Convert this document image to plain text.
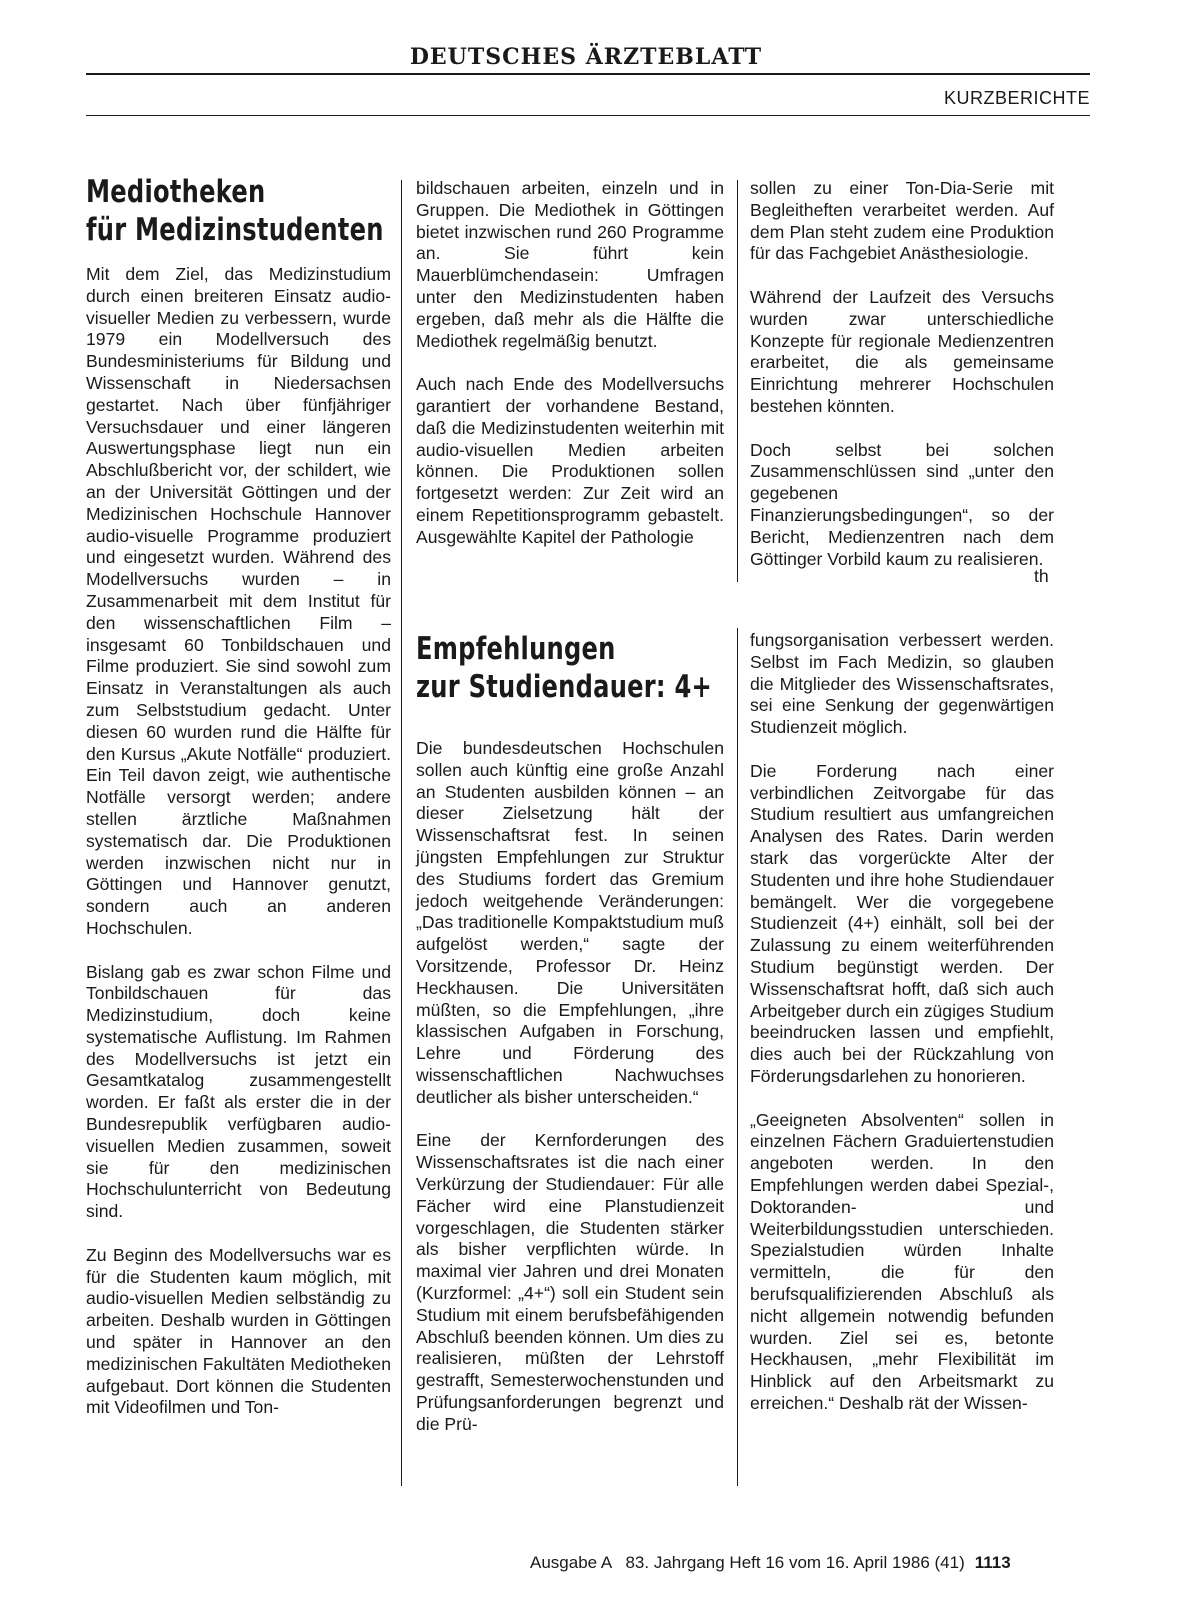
DEUTSCHES ÄRZTEBLATT
KURZBERICHTE
Mediotheken
für Medizinstudenten

Mit dem Ziel, das Medizinstudium durch einen breiteren Einsatz audio-visueller Medien zu verbessern, wurde 1979 ein Modellversuch des Bundesministeriums für Bildung und Wissenschaft in Niedersachsen gestartet. Nach über fünfjähriger Versuchsdauer und einer längeren Auswertungsphase liegt nun ein Abschlußbericht vor, der schildert, wie an der Universität Göttingen und der Medizinischen Hochschule Hannover audio-visuelle Programme produziert und eingesetzt wurden. Während des Modellversuchs wurden – in Zusammenarbeit mit dem Institut für den wissenschaftlichen Film – insgesamt 60 Tonbildschauen und Filme produziert. Sie sind sowohl zum Einsatz in Veranstaltungen als auch zum Selbststudium gedacht. Unter diesen 60 wurden rund die Hälfte für den Kursus „Akute Notfälle“ produziert. Ein Teil davon zeigt, wie authentische Notfälle versorgt werden; andere stellen ärztliche Maßnahmen systematisch dar. Die Produktionen werden inzwischen nicht nur in Göttingen und Hannover genutzt, sondern auch an anderen Hochschulen.

Bislang gab es zwar schon Filme und Tonbildschauen für das Medizinstudium, doch keine systematische Auflistung. Im Rahmen des Modellversuchs ist jetzt ein Gesamtkatalog zusammengestellt worden. Er faßt als erster die in der Bundesrepublik verfügbaren audio-visuellen Medien zusammen, soweit sie für den medizinischen Hochschulunterricht von Bedeutung sind.

Zu Beginn des Modellversuchs war es für die Studenten kaum möglich, mit audio-visuellen Medien selbständig zu arbeiten. Deshalb wurden in Göttingen und später in Hannover an den medizinischen Fakultäten Mediotheken aufgebaut. Dort können die Studenten mit Videofilmen und Ton-

bildschauen arbeiten, einzeln und in Gruppen. Die Mediothek in Göttingen bietet inzwischen rund 260 Programme an. Sie führt kein Mauerblümchendasein: Umfragen unter den Medizinstudenten haben ergeben, daß mehr als die Hälfte die Mediothek regelmäßig benutzt.

Auch nach Ende des Modellversuchs garantiert der vorhandene Bestand, daß die Medizinstudenten weiterhin mit audio-visuellen Medien arbeiten können. Die Produktionen sollen fortgesetzt werden: Zur Zeit wird an einem Repetitionsprogramm gebastelt. Ausgewählte Kapitel der Pathologie

sollen zu einer Ton-Dia-Serie mit Begleitheften verarbeitet werden. Auf dem Plan steht zudem eine Produktion für das Fachgebiet Anästhesiologie.

Während der Laufzeit des Versuchs wurden zwar unterschiedliche Konzepte für regionale Medienzentren erarbeitet, die als gemeinsame Einrichtung mehrerer Hochschulen bestehen könnten.

Doch selbst bei solchen Zusammenschlüssen sind „unter den gegebenen Finanzierungsbedingungen“, so der Bericht, Medienzentren nach dem Göttinger Vorbild kaum zu realisieren.

th
Empfehlungen
zur Studiendauer: 4+

Die bundesdeutschen Hochschulen sollen auch künftig eine große Anzahl an Studenten ausbilden können – an dieser Zielsetzung hält der Wissenschaftsrat fest. In seinen jüngsten Empfehlungen zur Struktur des Studiums fordert das Gremium jedoch weitgehende Veränderungen: „Das traditionelle Kompaktstudium muß aufgelöst werden,“ sagte der Vorsitzende, Professor Dr. Heinz Heckhausen. Die Universitäten müßten, so die Empfehlungen, „ihre klassischen Aufgaben in Forschung, Lehre und Förderung des wissenschaftlichen Nachwuchses deutlicher als bisher unterscheiden.“

Eine der Kernforderungen des Wissenschaftsrates ist die nach einer Verkürzung der Studiendauer: Für alle Fächer wird eine Planstudienzeit vorgeschlagen, die Studenten stärker als bisher verpflichten würde. In maximal vier Jahren und drei Monaten (Kurzformel: „4+“) soll ein Student sein Studium mit einem berufsbefähigenden Abschluß beenden können. Um dies zu realisieren, müßten der Lehrstoff gestrafft, Semesterwochenstunden und Prüfungsanforderungen begrenzt und die Prü-

fungsorganisation verbessert werden. Selbst im Fach Medizin, so glauben die Mitglieder des Wissenschaftsrates, sei eine Senkung der gegenwärtigen Studienzeit möglich.

Die Forderung nach einer verbindlichen Zeitvorgabe für das Studium resultiert aus umfangreichen Analysen des Rates. Darin werden stark das vorgerückte Alter der Studenten und ihre hohe Studiendauer bemängelt. Wer die vorgegebene Studienzeit (4+) einhält, soll bei der Zulassung zu einem weiterführenden Studium begünstigt werden. Der Wissenschaftsrat hofft, daß sich auch Arbeitgeber durch ein zügiges Studium beeindrucken lassen und empfiehlt, dies auch bei der Rückzahlung von Förderungsdarlehen zu honorieren.

„Geeigneten Absolventen“ sollen in einzelnen Fächern Graduiertenstudien angeboten werden. In den Empfehlungen werden dabei Spezial-, Doktoranden- und Weiterbildungsstudien unterschieden. Spezialstudien würden Inhalte vermitteln, die für den berufsqualifizierenden Abschluß als nicht allgemein notwendig befunden wurden. Ziel sei es, betonte Heckhausen, „mehr Flexibilität im Hinblick auf den Arbeitsmarkt zu erreichen.“ Deshalb rät der Wissen-

Ausgabe A   83. Jahrgang Heft 16 vom 16. April 1986 (41) 1113
